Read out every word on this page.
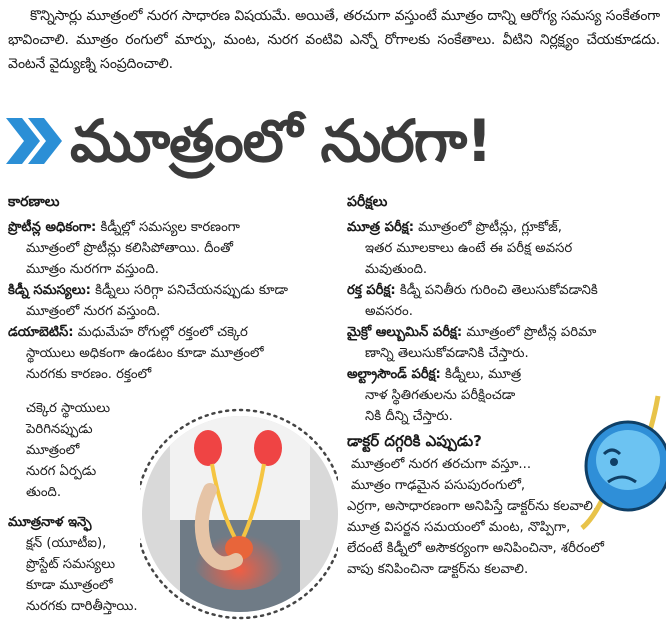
కొన్నిసార్లు మూత్రంలో నురగ సాధారణ విషయమే. అయితే, తరచుగా వస్తుంటే మూత్రం దాన్ని ఆరోగ్య సమస్య సంకేతంగా భావించాలి. మూత్రం రంగులో మార్పు, మంట, నురగ వంటివి ఎన్నో రోగాలకు సంకేతాలు. వీటిని నిర్లక్ష్యం చేయకూడదు. వెంటనే వైద్యుణ్ని సంప్రదించాలి.
మూత్రంలో నురగా!
కారణాలు

ప్రొటీన్ల అధికంగా: కిడ్నీల్లో సమస్యల కారణంగా

మూత్రంలో ప్రొటీన్లు కలిసిపోతాయి. దీంతో

మూత్రం నురగగా వస్తుంది.

కిడ్నీ సమస్యలు: కిడ్నీలు సరిగ్గా పనిచేయనప్పుడు కూడా

మూత్రంలో నురగ వస్తుంది.

డయాబెటిస్: మధుమేహ రోగుల్లో రక్తంలో చక్కెర

స్థాయులు అధికంగా ఉండటం కూడా మూత్రంలో

నురగకు కారణం. రక్తంలో

చక్కెర స్థాయులు

పెరిగినప్పుడు

మూత్రంలో

నురగ ఏర్పడు

తుంది.

మూత్రనాళ ఇన్ఫె

క్షన్ (యూటీఐ),

ప్రొస్టేట్ సమస్యలు

కూడా మూత్రంలో

నురగకు దారితీస్తాయి.

పరీక్షలు

మూత్ర పరీక్ష: మూత్రంలో ప్రొటీన్లు, గ్లూకోజ్,

ఇతర మూలకాలు ఉంటే ఈ పరీక్ష అవసర

మవుతుంది.

రక్త పరీక్ష: కిడ్నీ పనితీరు గురించి తెలుసుకోవడానికి

అవసరం.

మైక్రో ఆల్బుమిన్ పరీక్ష: మూత్రంలో ప్రొటీన్ల పరిమా

ణాన్ని తెలుసుకోవడానికి చేస్తారు.

అల్ట్రాసౌండ్ పరీక్ష: కిడ్నీలు, మూత్ర

నాళ స్థితిగతులను పరీక్షించడా

నికి దీన్ని చేస్తారు.

డాక్టర్ దగ్గరికి ఎప్పుడు?

మూత్రంలో నురగ తరచుగా వస్తూ...

మూత్రం గాఢమైన పసుపురంగులో,

ఎర్రగా, అసాధారణంగా అనిపిస్తే డాక్టర్‌ను కలవాలి.

మూత్ర విసర్జన సమయంలో మంట, నొప్పిగా,

లేదంటే కిడ్నీలో అసౌకర్యంగా అనిపించినా, శరీరంలో

వాపు కనిపించినా డాక్టర్‌ను కలవాలి.
